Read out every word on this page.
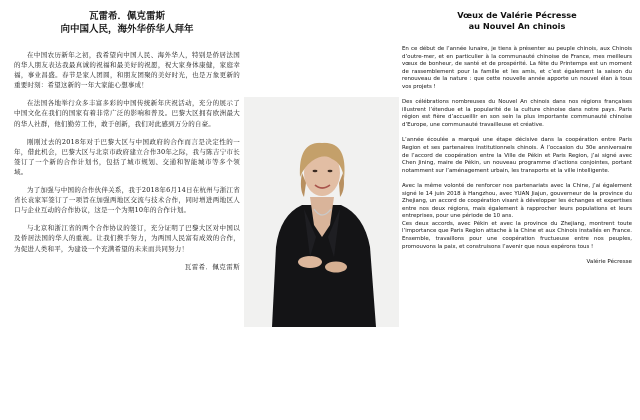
瓦雷希．佩克雷斯
向中国人民，海外华侨华人拜年

在中国农历新年之初，我希望向中国人民、海外华人，特别是侨居法国的华人朋友表达我最真诚的祝福和最美好的祝愿，祝大家身体康健，家庭幸福，事业昌盛。春节是家人团圆，和朋友团聚的美好时光，也是万象更新的重要时刻：希望这新的一年大家能心想事成！

在法国各地举行众多丰富多彩的中国传统新年庆祝活动，充分的展示了中国文化在我们的国家有着非常广泛的影响和普及。巴黎大区拥有欧洲最大的华人社群，他们勤劳工作，敢于创新，我们对此感到万分的自豪。

刚刚过去的2018年对于巴黎大区与中国政府的合作而言是决定性的一年，借此机会，巴黎大区与北京市政府建立合作30年之际，我与陈吉宁市长签订了一个新的合作计划书，包括了城市规划、交通和智能城市等多个领域。

为了加强与中国的合作伙伴关系，我于2018年6月14日在杭州与浙江省省长袁家军签订了一项旨在加强两地区交流与技术合作，同时增进两地区人口与企业互动的合作协议，这是一个为期10年的合作计划。

与北京和浙江省的两个合作协议的签订，充分证明了巴黎大区对中国以及侨居法国的华人的重视。让我们携手努力，为两国人民富有成效的合作，为促进人类和平，为建设一个充满希望的未来而共同努力！

瓦雷希．佩克雷斯
Vœux de Valérie Pécresse
au Nouvel An chinois

En ce début de l’année lunaire, je tiens à présenter au peuple chinois, aux Chinois d’outre-mer, et en particulier à la communauté chinoise de France, mes meilleurs vœux de bonheur, de santé et de prospérité. La fête du Printemps est un moment de rassemblement pour la famille et les amis, et c’est également la saison du renouveau de la nature : que cette nouvelle année apporte un nouvel élan à tous vos projets !

Des célébrations nombreuses du Nouvel An chinois dans nos régions françaises illustrent l’étendue et la popularité de la culture chinoise dans notre pays. Paris région est fière d’accueillir en son sein la plus importante communauté chinoise d’Europe, une communauté travailleuse et créative.

L’année écoulée a marqué une étape décisive dans la coopération entre Paris Region et ses partenaires institutionnels chinois. À l’occasion du 30e anniversaire de l’accord de coopération entre la Ville de Pékin et Paris Region, j’ai signé avec Chen Jining, maire de Pékin, un nouveau programme d’actions conjointes, portant notamment sur l’aménagement urbain, les transports et la ville intelligente.

Avec la même volonté de renforcer nos partenariats avec la Chine, j’ai également signé le 14 juin 2018 à Hangzhou, avec YUAN Jiajun, gouverneur de la province du Zhejiang, un accord de coopération visant à développer les échanges et expertises entre nos deux régions, mais également à rapprocher leurs populations et leurs entreprises, pour une période de 10 ans.

Ces deux accords, avec Pékin et avec la province du Zhejiang, montrent toute l’importance que Paris Region attache à la Chine et aux Chinois installés en France. Ensemble, travaillons pour une coopération fructueuse entre nos peuples, promouvons la paix, et construisons l’avenir que nous espérons tous !

Valérie Pécresse
